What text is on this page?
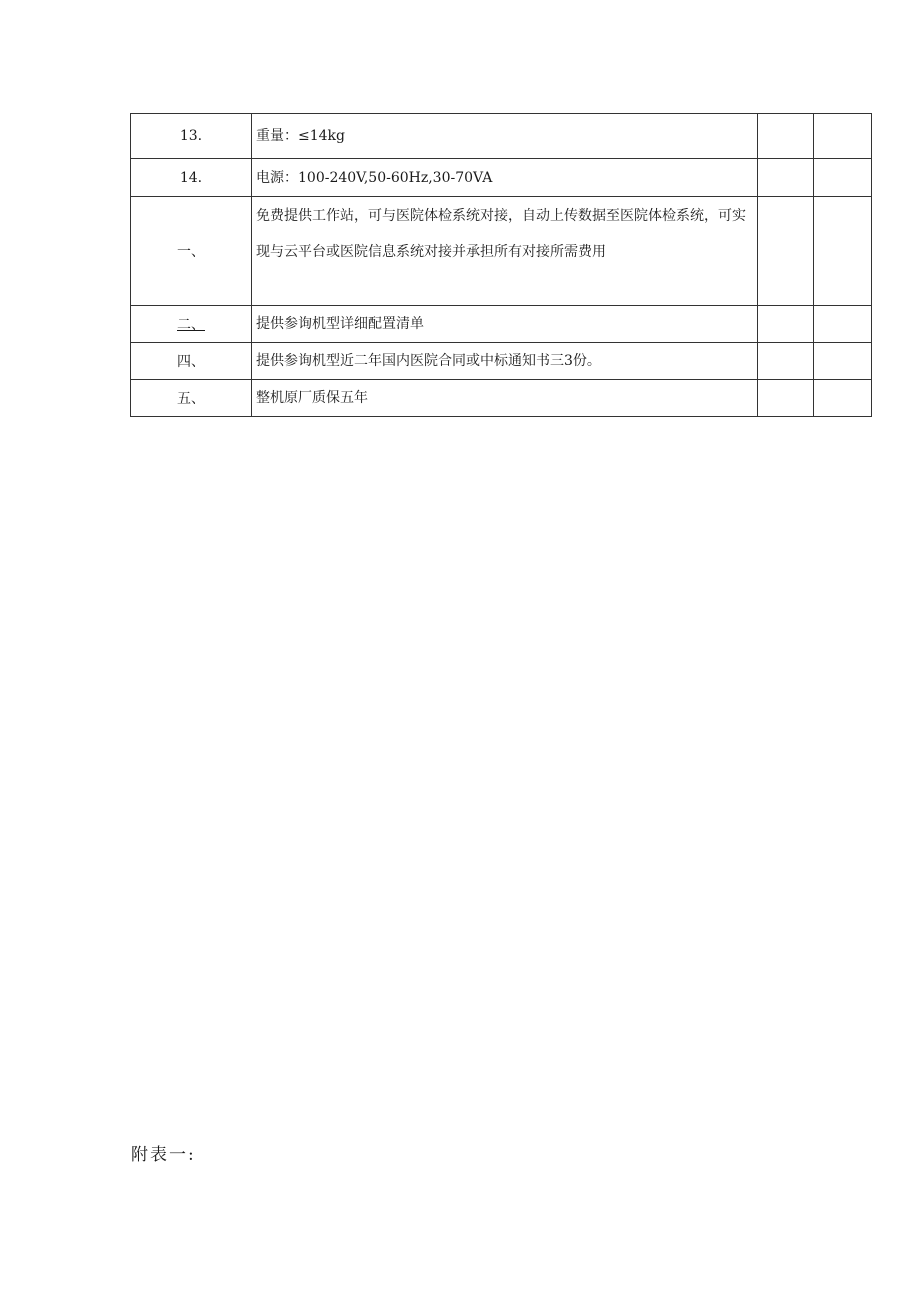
13.	重量：≤14kg		
14.	电源：100-240V,50-60Hz,30-70VA		
一、	免费提供工作站，可与医院体检系统对接，自动上传数据至医院体检系统，可实现与云平台或医院信息系统对接并承担所有对接所需费用		
二、	提供参询机型详细配置清单		
四、	提供参询机型近二年国内医院合同或中标通知书三3份。		
五、	整机原厂质保五年		
附表一:
